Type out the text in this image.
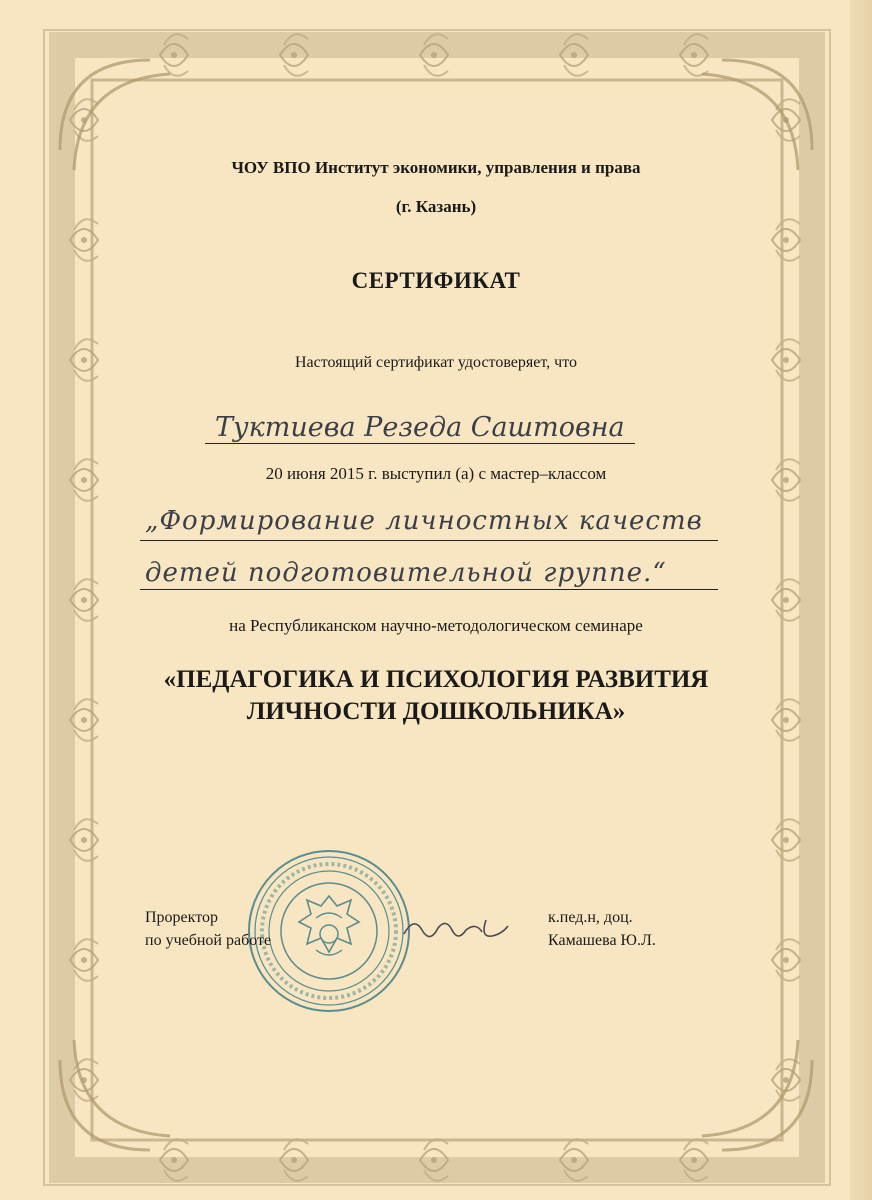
ЧОУ ВПО Институт экономики, управления и права
(г. Казань)
СЕРТИФИКАТ
Настоящий сертификат удостоверяет, что
Туктиева Резеда Саштовна
20 июня 2015 г. выступил (а) с мастер–классом
„Формирование личностных качеств
детей подготовительной группе.“
на Республиканском научно-методологическом семинаре
«ПЕДАГОГИКА И ПСИХОЛОГИЯ РАЗВИТИЯ
ЛИЧНОСТИ ДОШКОЛЬНИКА»
Проректор
по учебной работе
к.пед.н, доц.
Камашева Ю.Л.
